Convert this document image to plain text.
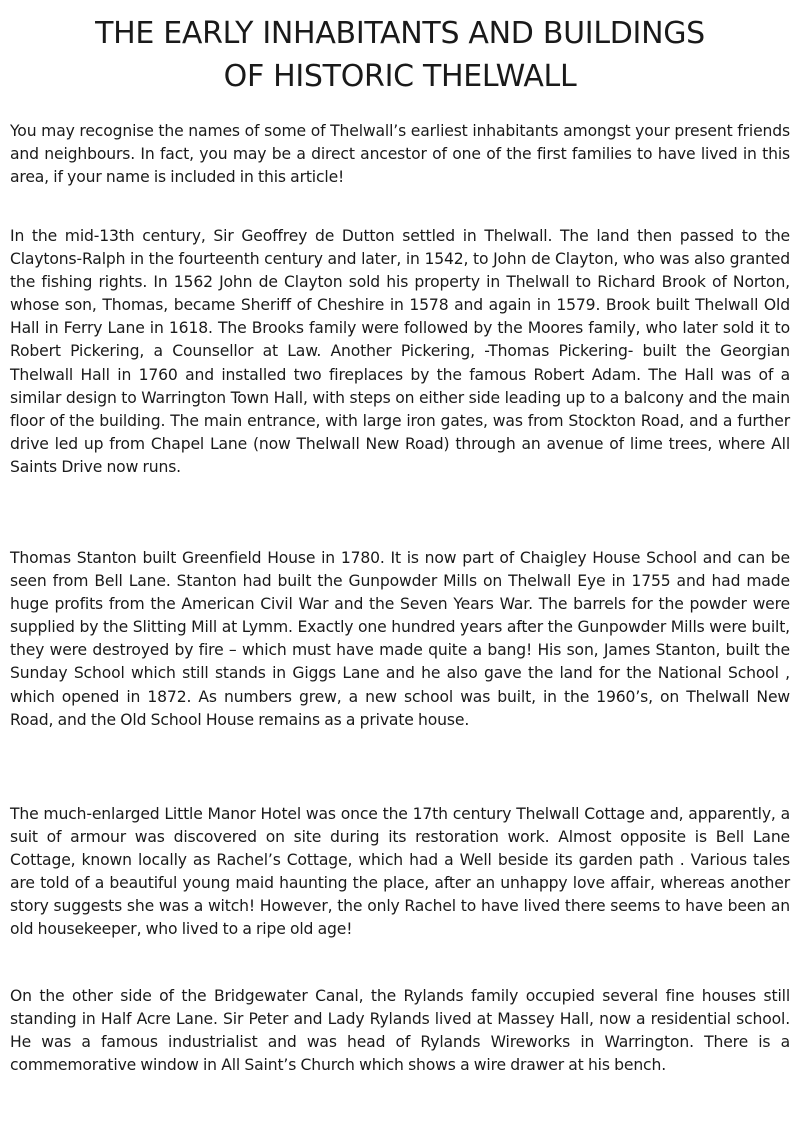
THE EARLY INHABITANTS AND BUILDINGS
OF HISTORIC THELWALL

You may recognise the names of some of Thelwall’s earliest inhabitants amongst your present friends and neighbours. In fact, you may be a direct ancestor of one of the first families to have lived in this area, if your name is included in this article!

In the mid-13th century, Sir Geoffrey de Dutton settled in Thelwall. The land then passed to the Claytons-Ralph in the fourteenth century and later, in 1542, to John de Clayton, who was also granted the fishing rights. In 1562 John de Clayton sold his property in Thelwall to Richard Brook of Norton, whose son, Thomas, became Sheriff of Cheshire in 1578 and again in 1579. Brook built Thelwall Old Hall in Ferry Lane in 1618. The Brooks family were followed by the Moores family, who later sold it to Robert Pickering, a Counsellor at Law. Another Pickering, -Thomas Pickering- built the Georgian Thelwall Hall in 1760 and installed two fireplaces by the famous Robert Adam. The Hall was of a similar design to Warrington Town Hall, with steps on either side leading up to a balcony and the main floor of the building. The main entrance, with large iron gates, was from Stockton Road, and a further drive led up from Chapel Lane (now Thelwall New Road) through an avenue of lime trees, where All Saints Drive now runs.

Thomas Stanton built Greenfield House in 1780. It is now part of Chaigley House School and can be seen from Bell Lane. Stanton had built the Gunpowder Mills on Thelwall Eye in 1755 and had made huge profits from the American Civil War and the Seven Years War. The barrels for the powder were supplied by the Slitting Mill at Lymm. Exactly one hundred years after the Gunpowder Mills were built, they were destroyed by fire – which must have made quite a bang! His son, James Stanton, built the Sunday School which still stands in Giggs Lane and he also gave the land for the National School , which opened in 1872. As numbers grew, a new school was built, in the 1960’s, on Thelwall New Road, and the Old School House remains as a private house.

The much-enlarged Little Manor Hotel was once the 17th century Thelwall Cottage and, apparently, a suit of armour was discovered on site during its restoration work. Almost opposite is Bell Lane Cottage, known locally as Rachel’s Cottage, which had a Well beside its garden path . Various tales are told of a beautiful young maid haunting the place, after an unhappy love affair, whereas another story suggests she was a witch! However, the only Rachel to have lived there seems to have been an old housekeeper, who lived to a ripe old age!

On the other side of the Bridgewater Canal, the Rylands family occupied several fine houses still standing in Half Acre Lane. Sir Peter and Lady Rylands lived at Massey Hall, now a residential school. He was a famous industrialist and was head of Rylands Wireworks in Warrington. There is a commemorative window in All Saint’s Church which shows a wire drawer at his bench.
